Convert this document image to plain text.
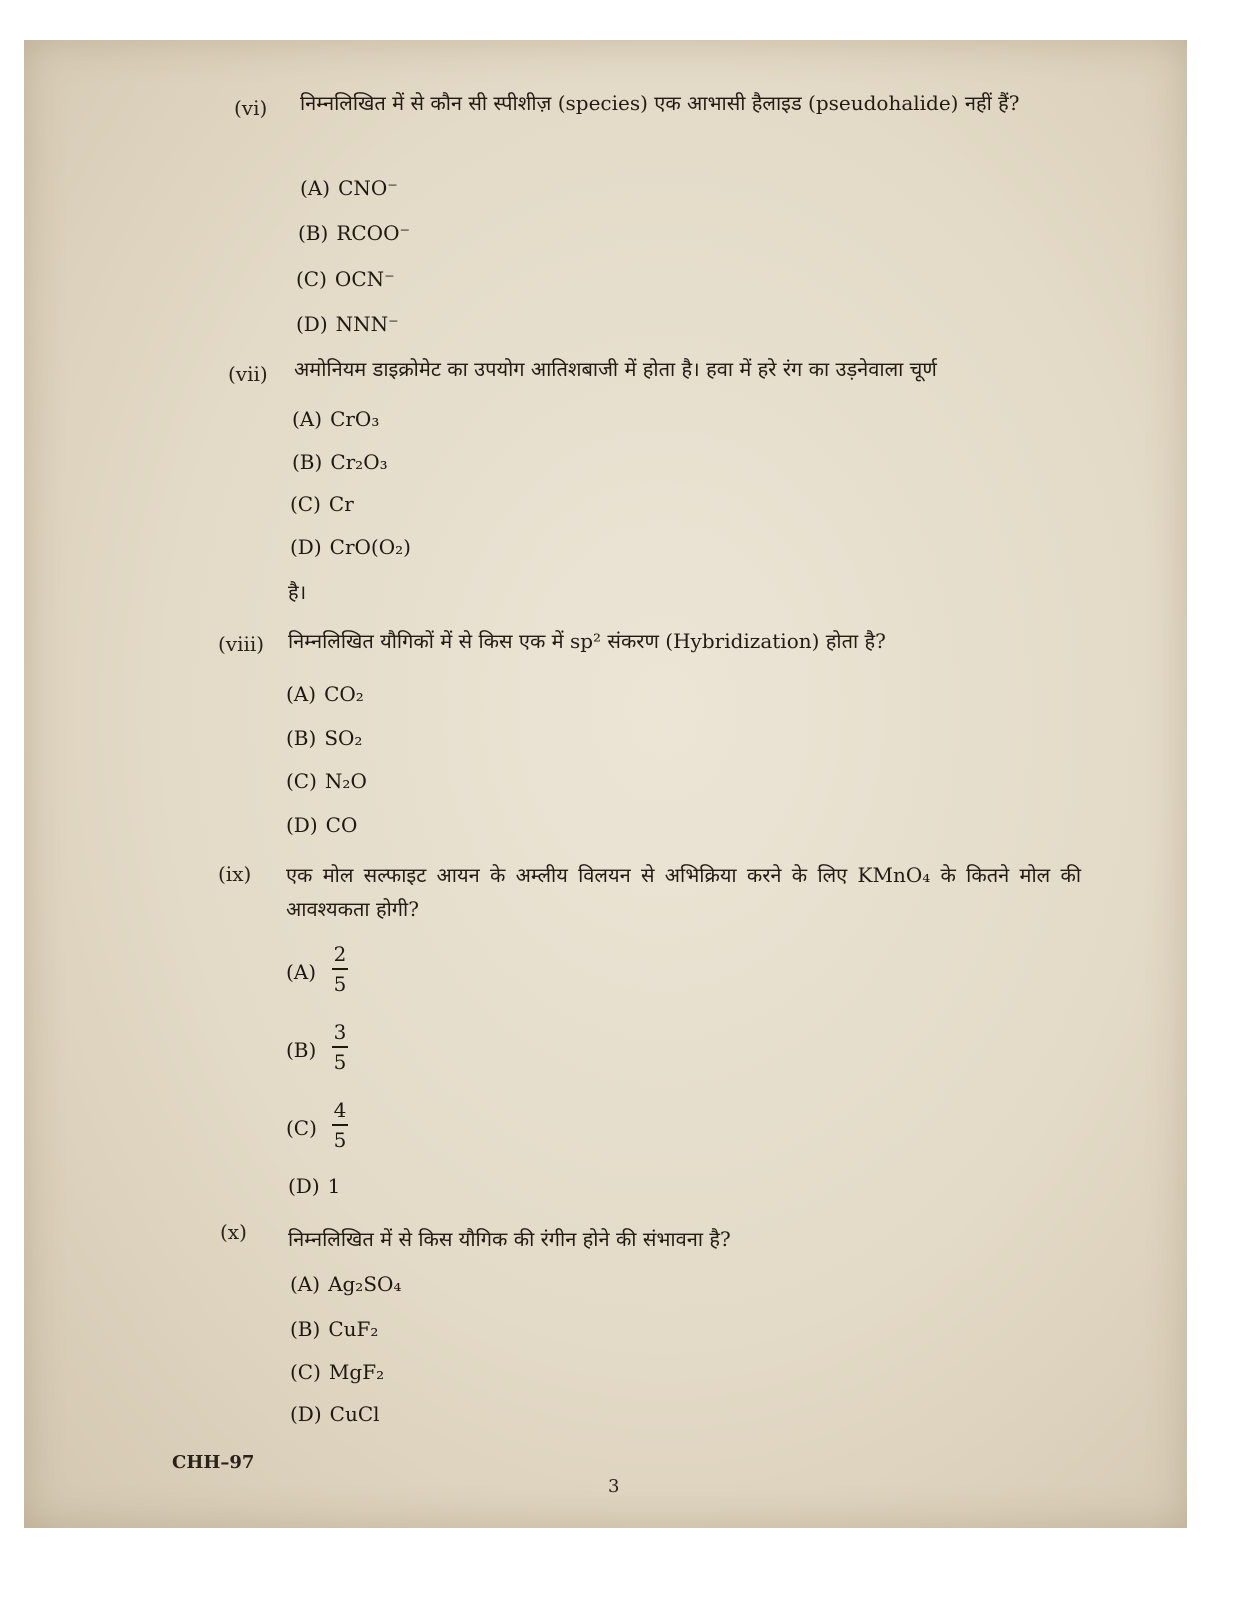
(vi) निम्नलिखित में से कौन सी स्पीशीज़ (species) एक आभासी हैलाइड (pseudohalide) नहीं हैं?
(A) CNO⁻
(B) RCOO⁻
(C) OCN⁻
(D) NNN⁻
(vii) अमोनियम डाइक्रोमेट का उपयोग आतिशबाजी में होता है। हवा में हरे रंग का उड़नेवाला चूर्ण
(A) CrO₃
(B) Cr₂O₃
(C) Cr
(D) CrO(O₂)
है।
(viii) निम्नलिखित यौगिकों में से किस एक में sp² संकरण (Hybridization) होता है?
(A) CO₂
(B) SO₂
(C) N₂O
(D) CO
(ix) एक मोल सल्फाइट आयन के अम्लीय विलयन से अभिक्रिया करने के लिए KMnO₄ के कितने मोल की आवश्यकता होगी?
(A)
2
5
(B)
3
5
(C)
4
5
(D) 1
(x) निम्नलिखित में से किस यौगिक की रंगीन होने की संभावना है?
(A) Ag₂SO₄
(B) CuF₂
(C) MgF₂
(D) CuCl
CHH–97
3
